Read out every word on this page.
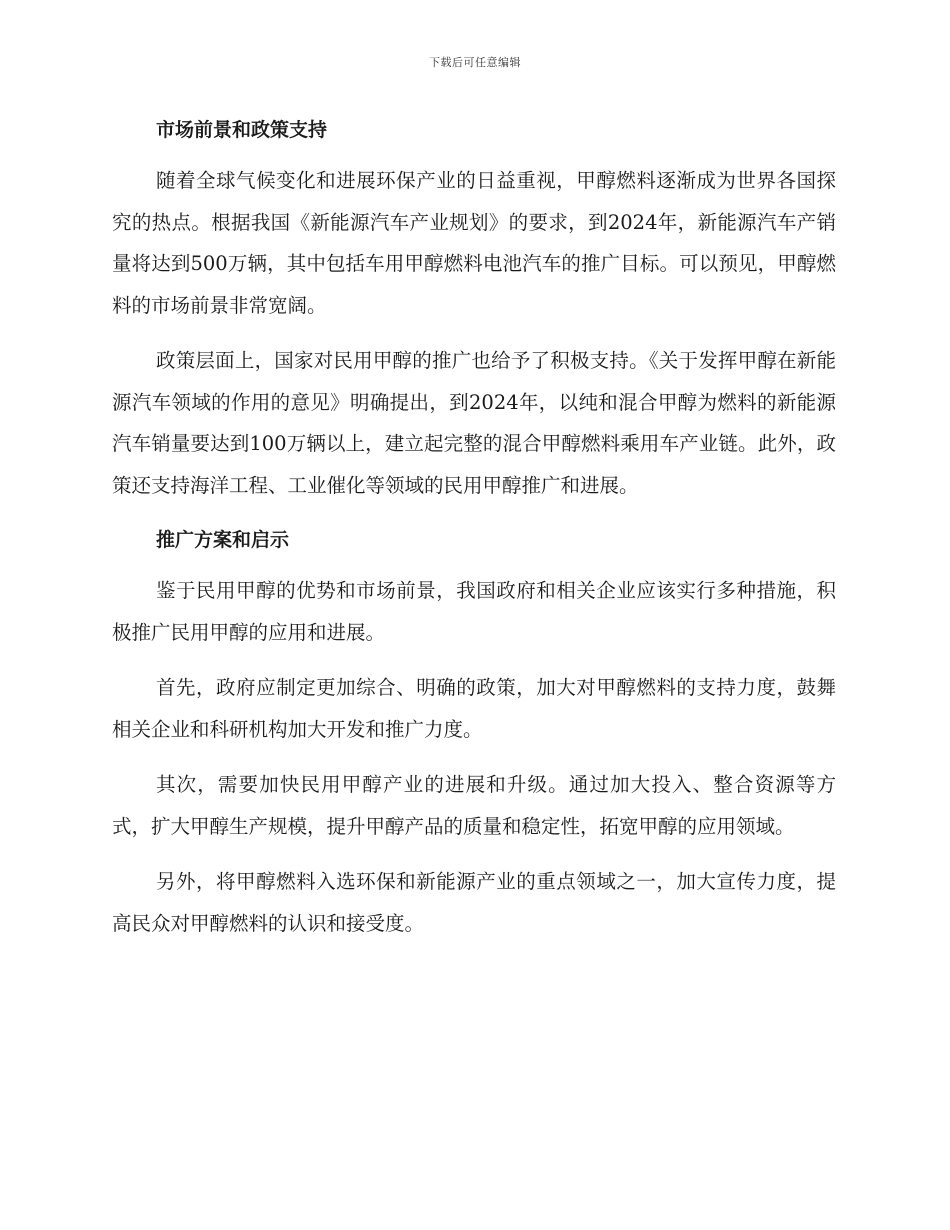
下载后可任意编辑
市场前景和政策支持

随着全球气候变化和进展环保产业的日益重视，甲醇燃料逐渐成为世界各国探究的热点。根据我国《新能源汽车产业规划》的要求，到2024年，新能源汽车产销量将达到500万辆，其中包括车用甲醇燃料电池汽车的推广目标。可以预见，甲醇燃料的市场前景非常宽阔。

政策层面上，国家对民用甲醇的推广也给予了积极支持。《关于发挥甲醇在新能源汽车领域的作用的意见》明确提出，到2024年，以纯和混合甲醇为燃料的新能源汽车销量要达到100万辆以上，建立起完整的混合甲醇燃料乘用车产业链。此外，政策还支持海洋工程、工业催化等领域的民用甲醇推广和进展。

推广方案和启示

鉴于民用甲醇的优势和市场前景，我国政府和相关企业应该实行多种措施，积极推广民用甲醇的应用和进展。

首先，政府应制定更加综合、明确的政策，加大对甲醇燃料的支持力度，鼓舞相关企业和科研机构加大开发和推广力度。

其次，需要加快民用甲醇产业的进展和升级。通过加大投入、整合资源等方式，扩大甲醇生产规模，提升甲醇产品的质量和稳定性，拓宽甲醇的应用领域。

另外，将甲醇燃料入选环保和新能源产业的重点领域之一，加大宣传力度，提高民众对甲醇燃料的认识和接受度。
